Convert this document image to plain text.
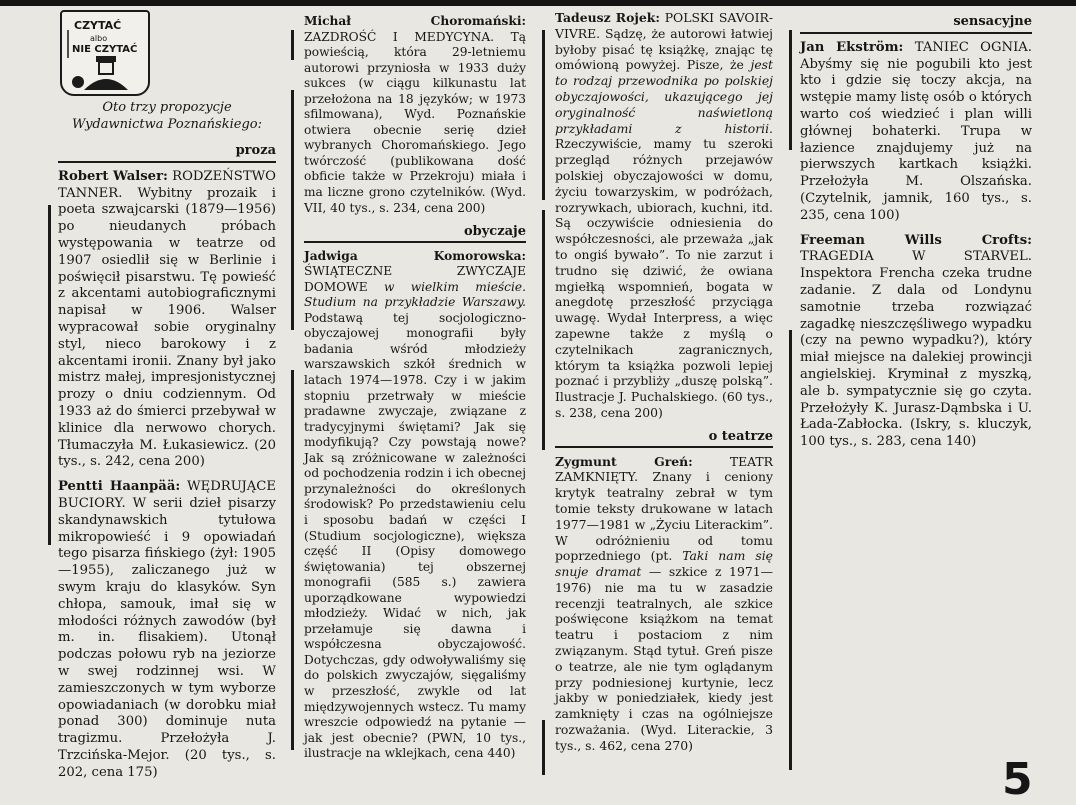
CZYTAĆ
albo
NIE CZYTAĆ

Oto trzy propozycje Wydawnictwa Poznańskiego:

proza

Robert Walser: RODZEŃSTWO TANNER. Wybitny prozaik i poeta szwajcarski (1879—1956) po nieudanych próbach występowania w teatrze od 1907 osiedlił się w Berlinie i poświęcił pisarstwu. Tę powieść z akcentami autobiograficznymi napisał w 1906. Walser wypracował sobie oryginalny styl, nieco barokowy i z akcentami ironii. Znany był jako mistrz małej, impresjonistycznej prozy o dniu codziennym. Od 1933 aż do śmierci przebywał w klinice dla nerwowo chorych. Tłumaczyła M. Łukasiewicz. (20 tys., s. 242, cena 200)

Pentti Haanpää: WĘDRUJĄCE BUCIORY. W serii dzieł pisarzy skandynawskich tytułowa mikropowieść i 9 opowiadań tego pisarza fińskiego (żył: 1905—1955), zaliczanego już w swym kraju do klasyków. Syn chłopa, samouk, imał się w młodości różnych zawodów (był m. in. flisakiem). Utonął podczas połowu ryb na jeziorze w swej rodzinnej wsi. W zamieszczonych w tym wyborze opowiadaniach (w dorobku miał ponad 300) dominuje nuta tragizmu. Przełożyła J. Trzcińska-Mejor. (20 tys., s. 202, cena 175)

Michał Choromański: ZAZDROŚĆ I MEDYCYNA. Tą powieścią, która 29-letniemu autorowi przyniosła w 1933 duży sukces (w ciągu kilkunastu lat przełożona na 18 języków; w 1973 sfilmowana), Wyd. Poznańskie otwiera obecnie serię dzieł wybranych Choromańskiego. Jego twórczość (publikowana dość obficie także w Przekroju) miała i ma liczne grono czytelników. (Wyd. VII, 40 tys., s. 234, cena 200)

obyczaje

Jadwiga Komorowska: ŚWIĄTECZNE ZWYCZAJE DOMOWE w wielkim mieście. Studium na przykładzie Warszawy. Podstawą tej socjologiczno-obyczajowej monografii były badania wśród młodzieży warszawskich szkół średnich w latach 1974—1978. Czy i w jakim stopniu przetrwały w mieście pradawne zwyczaje, związane z tradycyjnymi świętami? Jak się modyfikują? Czy powstają nowe? Jak są zróżnicowane w zależności od pochodzenia rodzin i ich obecnej przynależności do określonych środowisk? Po przedstawieniu celu i sposobu badań w części I (Studium socjologiczne), większa część II (Opisy domowego świętowania) tej obszernej monografii (585 s.) zawiera uporządkowane wypowiedzi młodzieży. Widać w nich, jak przełamuje się dawna i współczesna obyczajowość. Dotychczas, gdy odwoływaliśmy się do polskich zwyczajów, sięgaliśmy w przeszłość, zwykle od lat międzywojennych wstecz. Tu mamy wreszcie odpowiedź na pytanie — jak jest obecnie? (PWN, 10 tys., ilustracje na wklejkach, cena 440)

Tadeusz Rojek: POLSKI SAVOIR-VIVRE. Sądzę, że autorowi łatwiej byłoby pisać tę książkę, znając tę omówioną powyżej. Pisze, że jest to rodzaj przewodnika po polskiej obyczajowości, ukazującego jej oryginalność naświetloną przykładami z historii. Rzeczywiście, mamy tu szeroki przegląd różnych przejawów polskiej obyczajowości w domu, życiu towarzyskim, w podróżach, rozrywkach, ubiorach, kuchni, itd. Są oczywiście odniesienia do współczesności, ale przeważa „jak to ongiś bywało”. To nie zarzut i trudno się dziwić, że owiana mgiełką wspomnień, bogata w anegdotę przeszłość przyciąga uwagę. Wydał Interpress, a więc zapewne także z myślą o czytelnikach zagranicznych, którym ta książka pozwoli lepiej poznać i przybliży „duszę polską”. Ilustracje J. Puchalskiego. (60 tys., s. 238, cena 200)

o teatrze

Zygmunt Greń:	TEATR ZAMKNIĘTY. Znany i ceniony krytyk teatralny zebrał w tym tomie teksty drukowane w latach 1977—1981 w „Życiu Literackim”. W odróżnieniu od tomu poprzedniego (pt. Taki nam się snuje dramat — szkice z 1971—1976) nie ma tu w zasadzie recenzji teatralnych, ale szkice poświęcone książkom na temat teatru i postaciom z nim związanym. Stąd tytuł. Greń pisze o teatrze, ale nie tym oglądanym przy podniesionej kurtynie, lecz jakby w poniedziałek, kiedy jest zamknięty i czas na ogólniejsze rozważania. (Wyd. Literackie, 3 tys., s. 462, cena 270)

sensacyjne

Jan Ekström: TANIEC OGNIA. Abyśmy się nie pogubili kto jest kto i gdzie się toczy akcja, na wstępie mamy listę osób o których warto coś wiedzieć i plan willi głównej bohaterki. Trupa w łazience znajdujemy już na pierwszych kartkach książki. Przełożyła M. Olszańska. (Czytelnik, jamnik, 160 tys., s. 235, cena 100)

Freeman Wills Crofts: TRAGEDIA W STARVEL. Inspektora Frencha czeka trudne zadanie. Z dala od Londynu samotnie trzeba rozwiązać zagadkę nieszczęśliwego wypadku (czy na pewno wypadku?), który miał miejsce na dalekiej prowincji angielskiej. Kryminał z myszką, ale b. sympatycznie się go czyta. Przełożyły K. Jurasz-Dąmbska i U. Łada-Zabłocka. (Iskry, s. kluczyk, 100 tys., s. 283, cena 140)

5
